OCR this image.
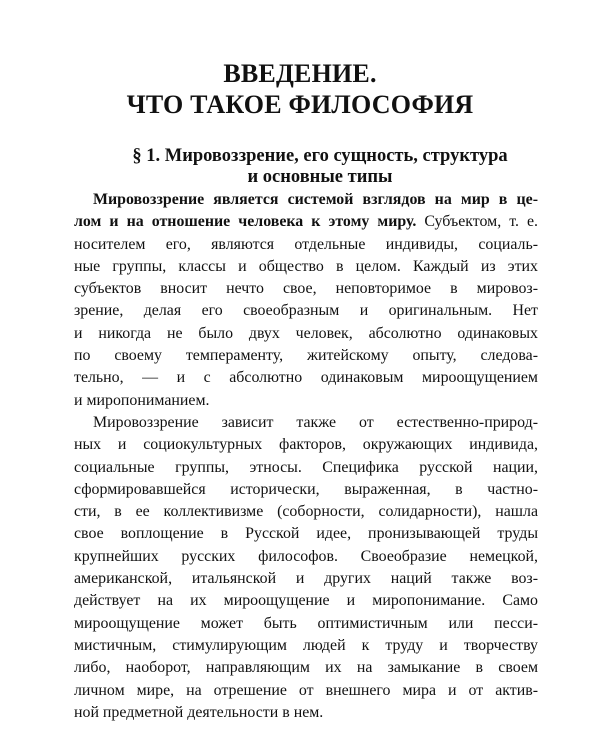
ВВЕДЕНИЕ.
ЧТО ТАКОЕ ФИЛОСОФИЯ
§ 1. Мировоззрение, его сущность, структура
и основные типы
Мировоззрение является системой взглядов на мир в це-
лом и на отношение человека к этому миру. Субъектом, т. е.
носителем его, являются отдельные индивиды, социаль-
ные группы, классы и общество в целом. Каждый из этих
субъектов вносит нечто свое, неповторимое в мировоз-
зрение, делая его своеобразным и оригинальным. Нет
и никогда не было двух человек, абсолютно одинаковых
по своему темпераменту, житейскому опыту, следова-
тельно, — и с абсолютно одинаковым мироощущением
и миропониманием.
Мировоззрение зависит также от естественно-природ-
ных и социокультурных факторов, окружающих индивида,
социальные группы, этносы. Специфика русской нации,
сформировавшейся исторически, выраженная, в частно-
сти, в ее коллективизме (соборности, солидарности), нашла
свое воплощение в Русской идее, пронизывающей труды
крупнейших русских философов. Своеобразие немецкой,
американской, итальянской и других наций также воз-
действует на их мироощущение и миропонимание. Само
мироощущение может быть оптимистичным или песси-
мистичным, стимулирующим людей к труду и творчеству
либо, наоборот, направляющим их на замыкание в своем
личном мире, на отрешение от внешнего мира и от актив-
ной предметной деятельности в нем.
